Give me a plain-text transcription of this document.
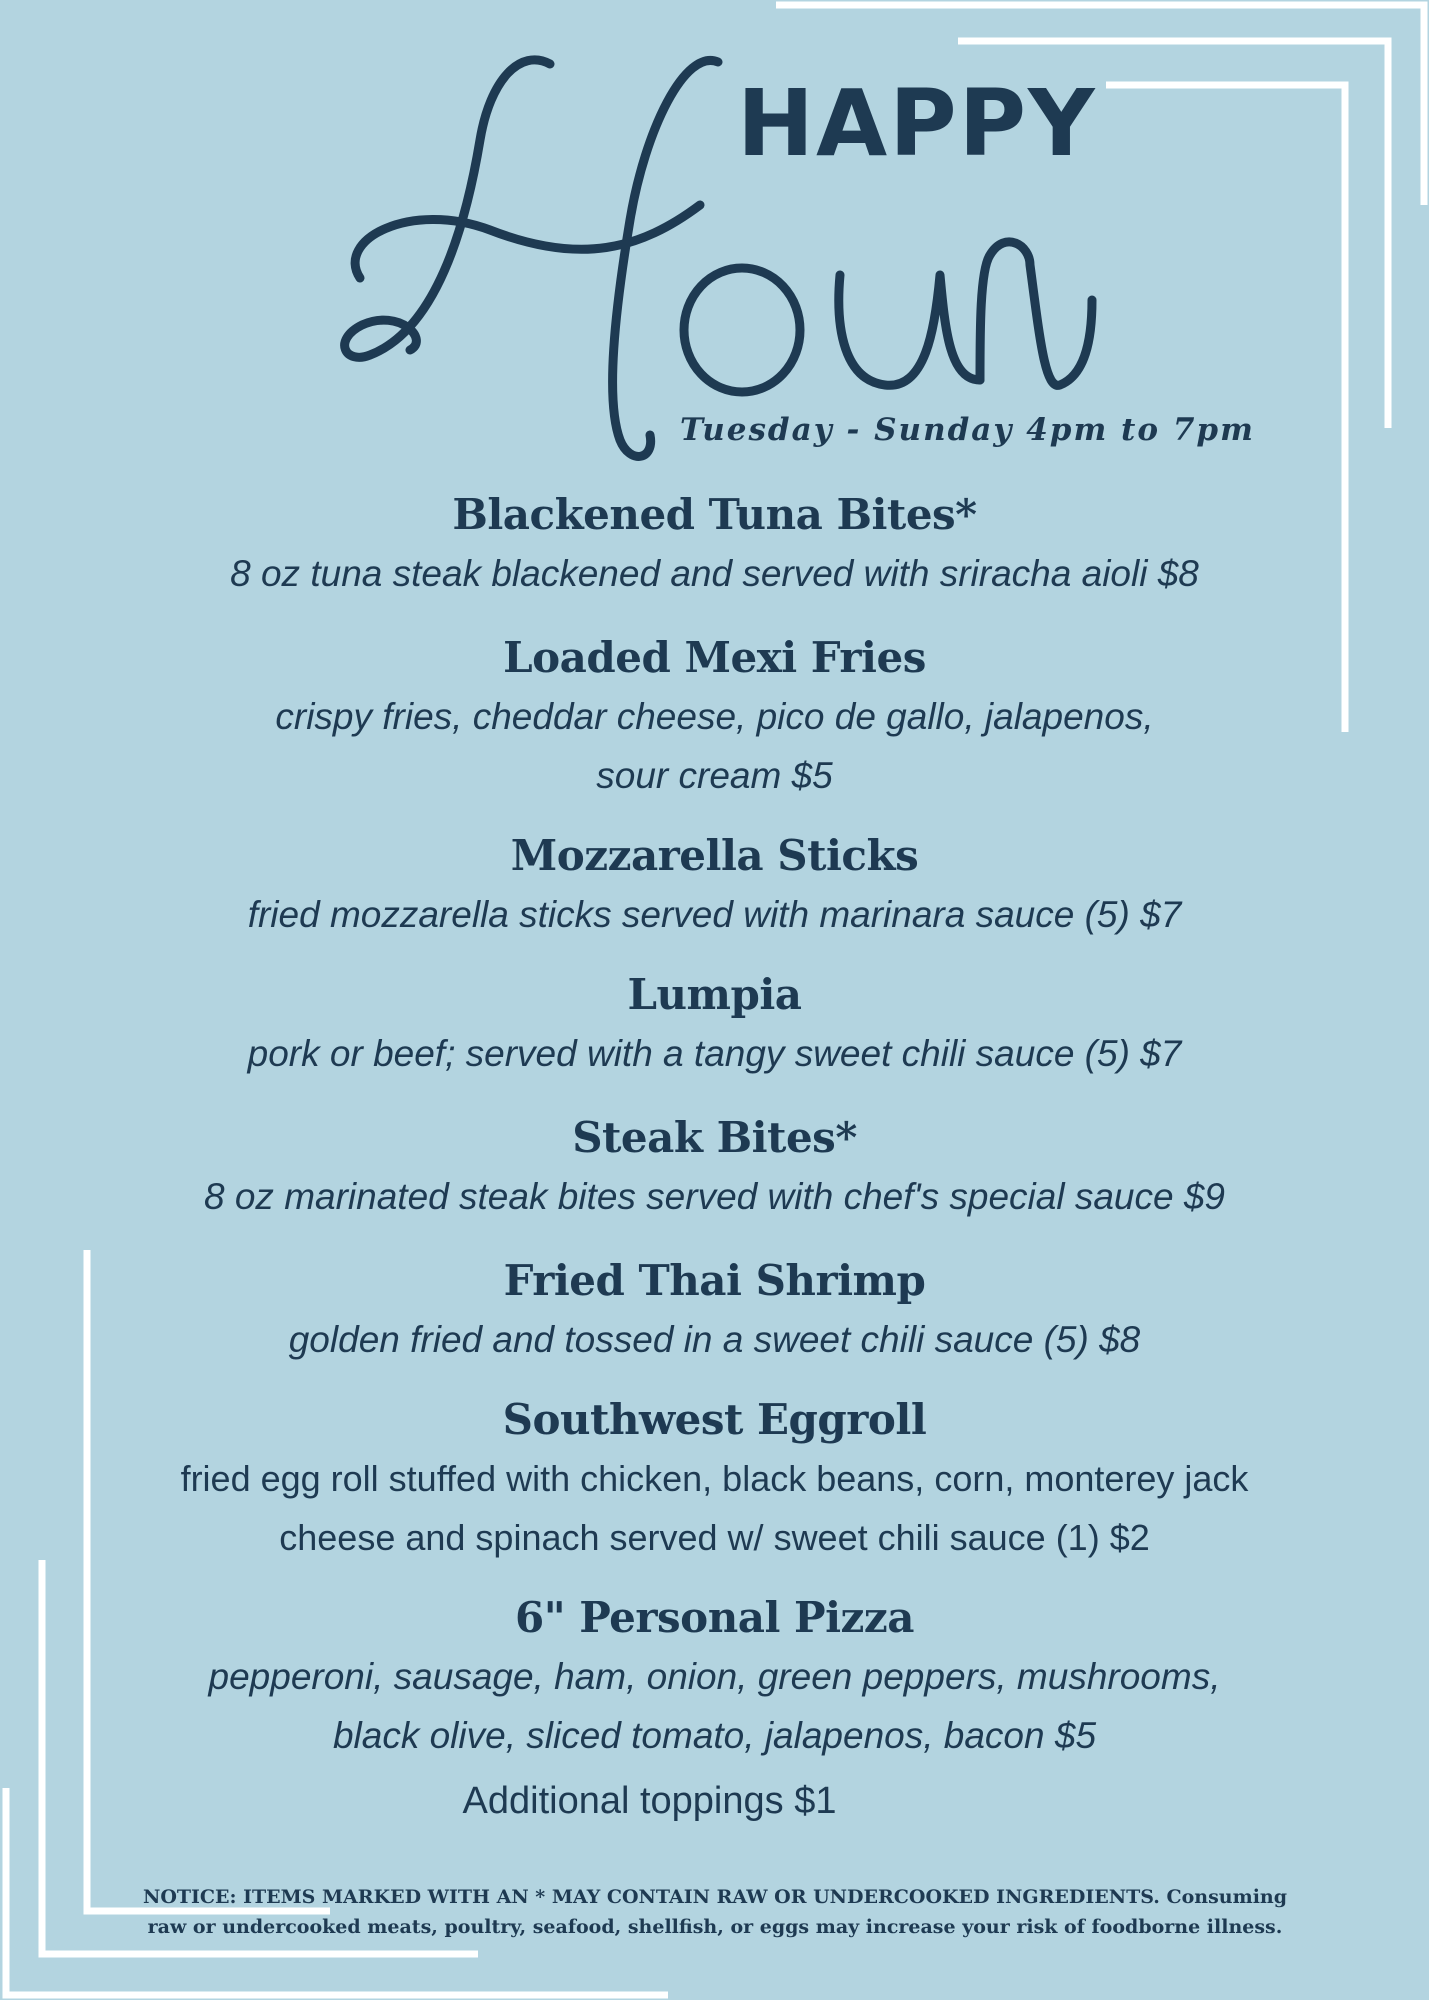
HAPPY
Tuesday - Sunday 4pm to 7pm
Blackened Tuna Bites*
8 oz tuna steak blackened and served with sriracha aioli $8
Loaded Mexi Fries
crispy fries, cheddar cheese, pico de gallo, jalapenos,
sour cream $5
Mozzarella Sticks
fried mozzarella sticks served with marinara sauce (5) $7
Lumpia
pork or beef; served with a tangy sweet chili sauce (5) $7
Steak Bites*
8 oz marinated steak bites served with chef's special sauce $9
Fried Thai Shrimp
golden fried and tossed in a sweet chili sauce (5) $8
Southwest Eggroll
fried egg roll stuffed with chicken, black beans, corn, monterey jack
cheese and spinach served w/ sweet chili sauce (1) $2
6" Personal Pizza
pepperoni, sausage, ham, onion, green peppers, mushrooms,
black olive, sliced tomato, jalapenos, bacon $5
Additional toppings $1
NOTICE: ITEMS MARKED WITH AN * MAY CONTAIN RAW OR UNDERCOOKED INGREDIENTS. Consuming
raw or undercooked meats, poultry, seafood, shellfish, or eggs may increase your risk of foodborne illness.
